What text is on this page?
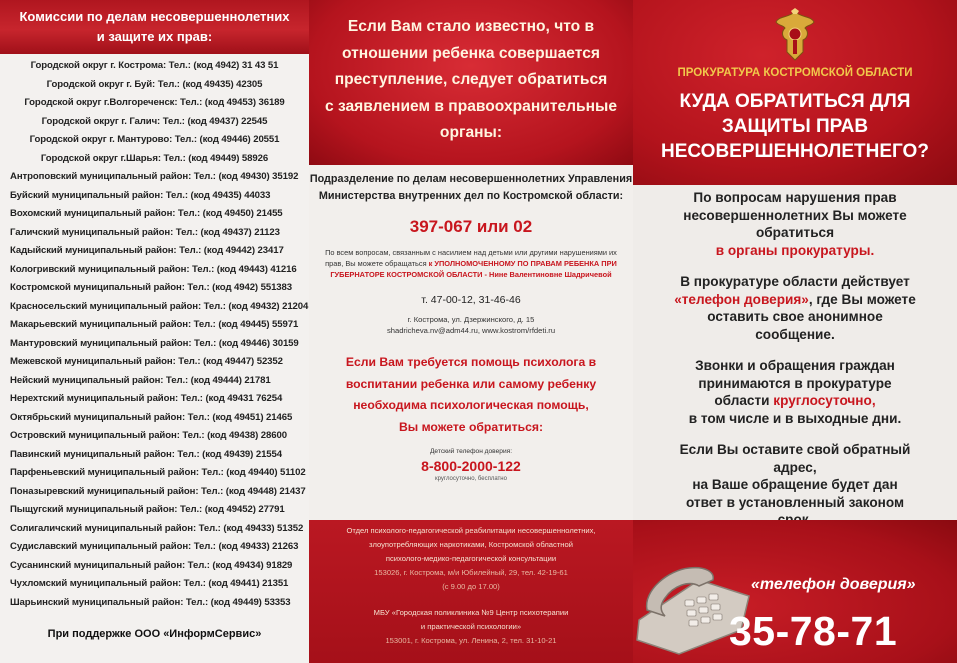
Комиссии по делам несовершеннолетних
и защите их прав:
Городской округ г. Кострома: Тел.: (код 4942) 31 43 51
Городской округ г. Буй: Тел.: (код 49435) 42305
Городской округ г.Волгореченск: Тел.: (код 49453) 36189
Городской округ г. Галич: Тел.: (код 49437) 22545
Городской округ г. Мантурово: Тел.: (код 49446) 20551
Городской округ г.Шарья: Тел.: (код 49449) 58926
Антроповский муниципальный район: Тел.: (код 49430) 35192
Буйский муниципальный район: Тел.: (код 49435) 44033
Вохомский муниципальный район: Тел.: (код 49450) 21455
Галичский муниципальный район: Тел.: (код 49437) 21123
Кадыйский муниципальный район: Тел.: (код 49442) 23417
Кологривский муниципальный район: Тел.: (код 49443) 41216
Костромской муниципальный район: Тел.: (код 4942) 551383
Красносельский муниципальный район: Тел.: (код 49432) 21204
Макарьевский муниципальный район: Тел.: (код 49445) 55971
Мантуровский муниципальный район: Тел.: (код 49446) 30159
Межевской муниципальный район: Тел.: (код 49447) 52352
Нейский муниципальный район: Тел.: (код 49444) 21781
Нерехтский муниципальный район: Тел.: (код 49431 76254
Октябрьский муниципальный район: Тел.: (код 49451) 21465
Островский муниципальный район: Тел.: (код 49438) 28600
Павинский муниципальный район: Тел.: (код 49439) 21554
Парфеньевский муниципальный район: Тел.: (код 49440) 51102
Поназыревский муниципальный район: Тел.: (код 49448) 21437
Пыщугский муниципальный район: Тел.: (код 49452) 27791
Солигаличский муниципальный район: Тел.: (код 49433) 51352
Судиславский муниципальный район: Тел.: (код 49433) 21263
Сусанинский муниципальный район: Тел.: (код 49434) 91829
Чухломский муниципальный район: Тел.: (код 49441) 21351
Шарьинский муниципальный район: Тел.: (код 49449) 53353
При поддержке ООО «ИнформСервис»
Если Вам стало известно, что в
отношении ребенка совершается
преступление, следует обратиться
с заявлением в правоохранительные
органы:
Подразделение по делам несовершеннолетних Управления
Министерства внутренних дел по Костромской области:
397-067 или 02
По всем вопросам, связанным с насилием над детьми или другими нарушениями их
прав, Вы можете обращаться к УПОЛНОМОЧЕННОМУ ПО ПРАВАМ РЕБЕНКА ПРИ
ГУБЕРНАТОРЕ КОСТРОМСКОЙ ОБЛАСТИ - Нине Валентиновне Шадричевой
т. 47-00-12, 31-46-46
г. Кострома, ул. Дзержинского, д. 15
shadricheva.nv@adm44.ru, www.kostrom/rfdeti.ru
Если Вам требуется помощь психолога в
воспитании ребенка или самому ребенку
необходима психологическая помощь,
Вы можете обратиться:
Детский телефон доверия:
8-800-2000-122
круглосуточно, бесплатно
Отдел психолого-педагогической реабилитации несовершеннолетних,
злоупотребляющих наркотиками, Костромской областной
психолого-медико-педагогической консультации
153026, г. Кострома, м/и Юбилейный, 29, тел. 42-19-61
(с 9.00 до 17.00)
МБУ «Городская поликлиника №9 Центр психотерапии
и практической психологии»
153001, г. Кострома, ул. Ленина, 2, тел. 31-10-21
ПРОКУРАТУРА КОСТРОМСКОЙ ОБЛАСТИ
КУДА ОБРАТИТЬСЯ ДЛЯ
ЗАЩИТЫ ПРАВ
НЕСОВЕРШЕННОЛЕТНЕГО?
По вопросам нарушения прав
несовершеннолетних Вы можете
обратиться
в органы прокуратуры.
В прокуратуре области действует
«телефон доверия», где Вы можете
оставить свое анонимное
сообщение.
Звонки и обращения граждан
принимаются в прокуратуре
области круглосуточно,
в том числе и в выходные дни.
Если Вы оставите свой обратный
адрес,
на Ваше обращение будет дан
ответ в установленный законом
«телефон доверия»
35-78-71
